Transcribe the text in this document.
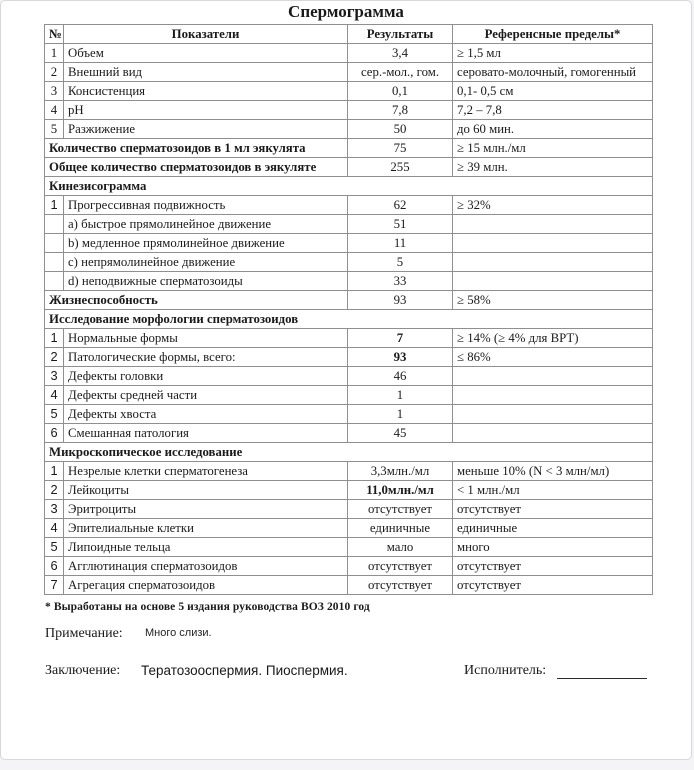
Спермограмма
№	Показатели	Результаты	Референсные пределы*
1	Объем	3,4	≥ 1,5 мл
2	Внешний вид	сер.-мол., гом.	серовато-молочный, гомогенный
3	Консистенция	0,1	0,1- 0,5 см
4	pH	7,8	7,2 – 7,8
5	Разжижение	50	до 60 мин.
Количество сперматозоидов в 1 мл эякулята		75	≥ 15 млн./мл
Общее количество сперматозоидов в эякуляте		255	≥ 39 млн.
Кинезисограмма			
1	Прогрессивная подвижность	62	≥ 32%
	a) быстрое прямолинейное движение	51	
	b) медленное прямолинейное движение	11	
	c) непрямолинейное движение	5	
	d) неподвижные сперматозоиды	33	
Жизнеспособность		93	≥ 58%
Исследование морфологии сперматозоидов			
1	Нормальные формы	7	≥ 14% (≥ 4% для ВРТ)
2	Патологические формы, всего:	93	≤ 86%
3	Дефекты головки	46	
4	Дефекты средней части	1	
5	Дефекты хвоста	1	
6	Смешанная патология	45	
Микроскопическое исследование			
1	Незрелые клетки сперматогенеза	3,3млн./мл	меньше 10% (N < 3 млн/мл)
2	Лейкоциты	11,0млн./мл	< 1 млн./мл
3	Эритроциты	отсутствует	отсутствует
4	Эпителиальные клетки	единичные	единичные
5	Липоидные тельца	мало	много
6	Агглютинация сперматозоидов	отсутствует	отсутствует
7	Агрегация сперматозоидов	отсутствует	отсутствует
* Выработаны на основе 5 издания руководства ВОЗ 2010 год
Примечание: Много слизи.
Заключение: Тератозооспермия. Пиоспермия.	Исполнитель:
